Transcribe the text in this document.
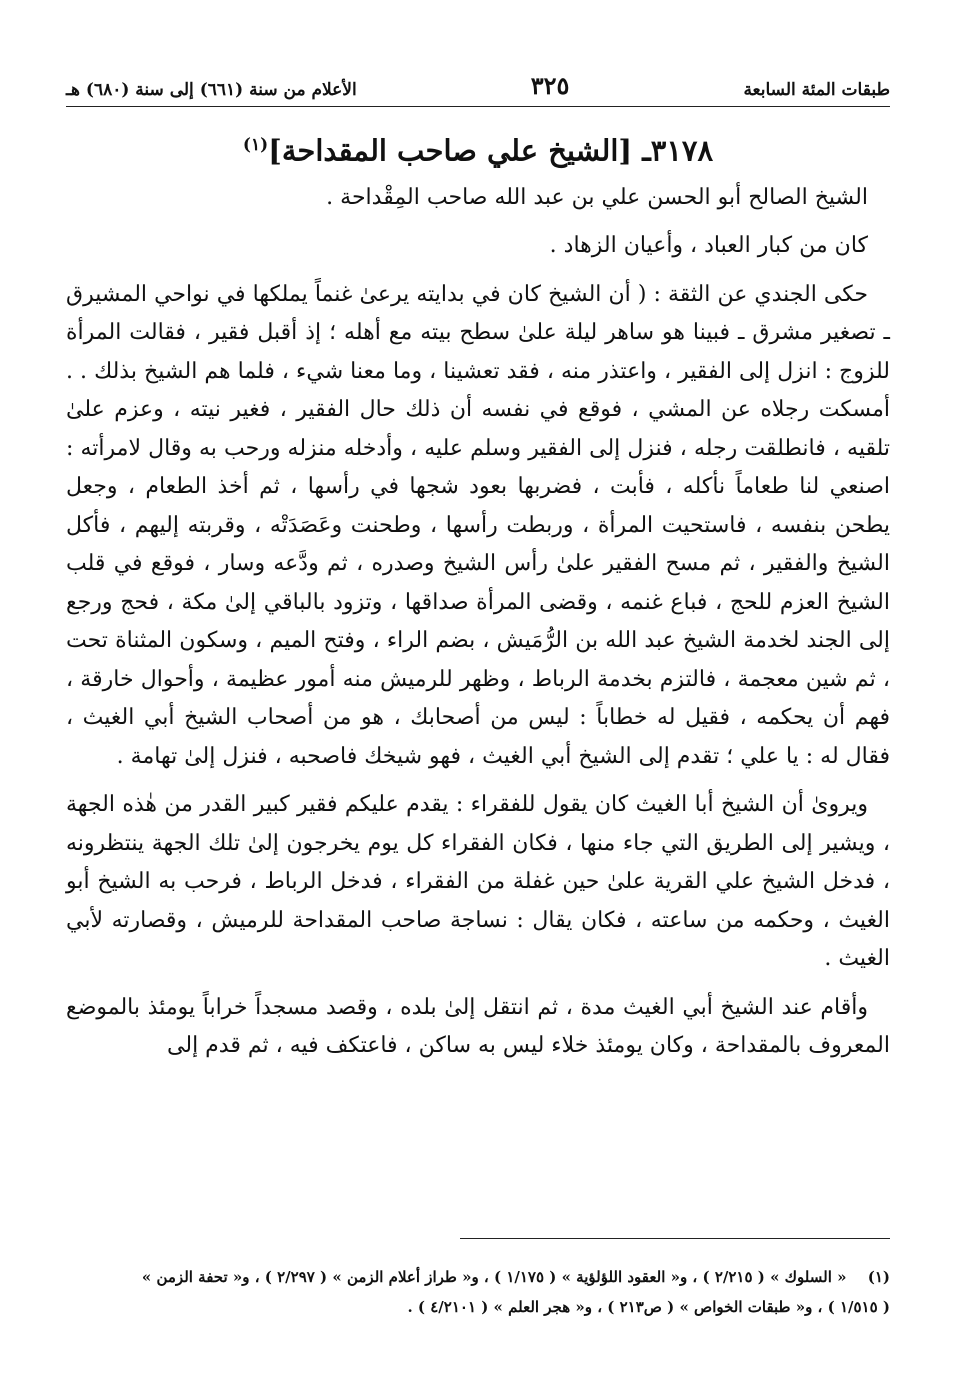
طبقات المئة السابعة
٣٢٥
الأعلام من سنة (٦٦١) إلى سنة (٦٨٠) هـ
٣١٧٨ـ [الشيخ علي صاحب المقداحة]$^{(١)}$

الشيخ الصالح أبو الحسن علي بن عبد الله صاحب المِقْداحة .

كان من كبار العباد ، وأعيان الزهاد .

حكى الجندي عن الثقة : ( أن الشيخ كان في بدايته يرعىٰ غنماً يملكها في نواحي المشيرق ـ تصغير مشرق ـ فبينا هو ساهر ليلة علىٰ سطح بيته مع أهله ؛ إذ أقبل فقير ، فقالت المرأة للزوج : انزل إلى الفقير ، واعتذر منه ، فقد تعشينا ، وما معنا شيء ، فلما هم الشيخ بذلك . . أمسكت رجلاه عن المشي ، فوقع في نفسه أن ذلك حال الفقير ، فغير نيته ، وعزم علىٰ تلقيه ، فانطلقت رجله ، فنزل إلى الفقير وسلم عليه ، وأدخله منزله ورحب به وقال لامرأته : اصنعي لنا طعاماً نأكله ، فأبت ، فضربها بعود شجها في رأسها ، ثم أخذ الطعام ، وجعل يطحن بنفسه ، فاستحيت المرأة ، وربطت رأسها ، وطحنت وعَصَدَتْه ، وقربته إليهم ، فأكل الشيخ والفقير ، ثم مسح الفقير علىٰ رأس الشيخ وصدره ، ثم ودَّعه وسار ، فوقع في قلب الشيخ العزم للحج ، فباع غنمه ، وقضى المرأة صداقها ، وتزود بالباقي إلىٰ مكة ، فحج ورجع إلى الجند لخدمة الشيخ عبد الله بن الرُّمَيش ، بضم الراء ، وفتح الميم ، وسكون المثناة تحت ، ثم شين معجمة ، فالتزم بخدمة الرباط ، وظهر للرميش منه أمور عظيمة ، وأحوال خارقة ، فهم أن يحكمه ، فقيل له خطاباً : ليس من أصحابك ، هو من أصحاب الشيخ أبي الغيث ، فقال له : يا علي ؛ تقدم إلى الشيخ أبي الغيث ، فهو شيخك فاصحبه ، فنزل إلىٰ تهامة .

ويروىٰ أن الشيخ أبا الغيث كان يقول للفقراء : يقدم عليكم فقير كبير القدر من هٰذه الجهة ، ويشير إلى الطريق التي جاء منها ، فكان الفقراء كل يوم يخرجون إلىٰ تلك الجهة ينتظرونه ، فدخل الشيخ علي القرية علىٰ حين غفلة من الفقراء ، فدخل الرباط ، فرحب به الشيخ أبو الغيث ، وحكمه من ساعته ، فكان يقال : نساجة صاحب المقداحة للرميش ، وقصارته لأبي الغيث .

وأقام عند الشيخ أبي الغيث مدة ، ثم انتقل إلىٰ بلده ، وقصد مسجداً خراباً يومئذ بالموضع المعروف بالمقداحة ، وكان يومئذ خلاء ليس به ساكن ، فاعتكف فيه ، ثم قدم إلى

(١) « السلوك » ( ٢/٢١٥ ) ، و« العقود اللؤلؤية » ( ١/١٧٥ ) ، و« طراز أعلام الزمن » ( ٢/٢٩٧ ) ، و« تحفة الزمن »

( ١/٥١٥ ) ، و« طبقات الخواص » ( ص٢١٣ ) ، و« هجر العلم » ( ٤/٢١٠١ ) .
